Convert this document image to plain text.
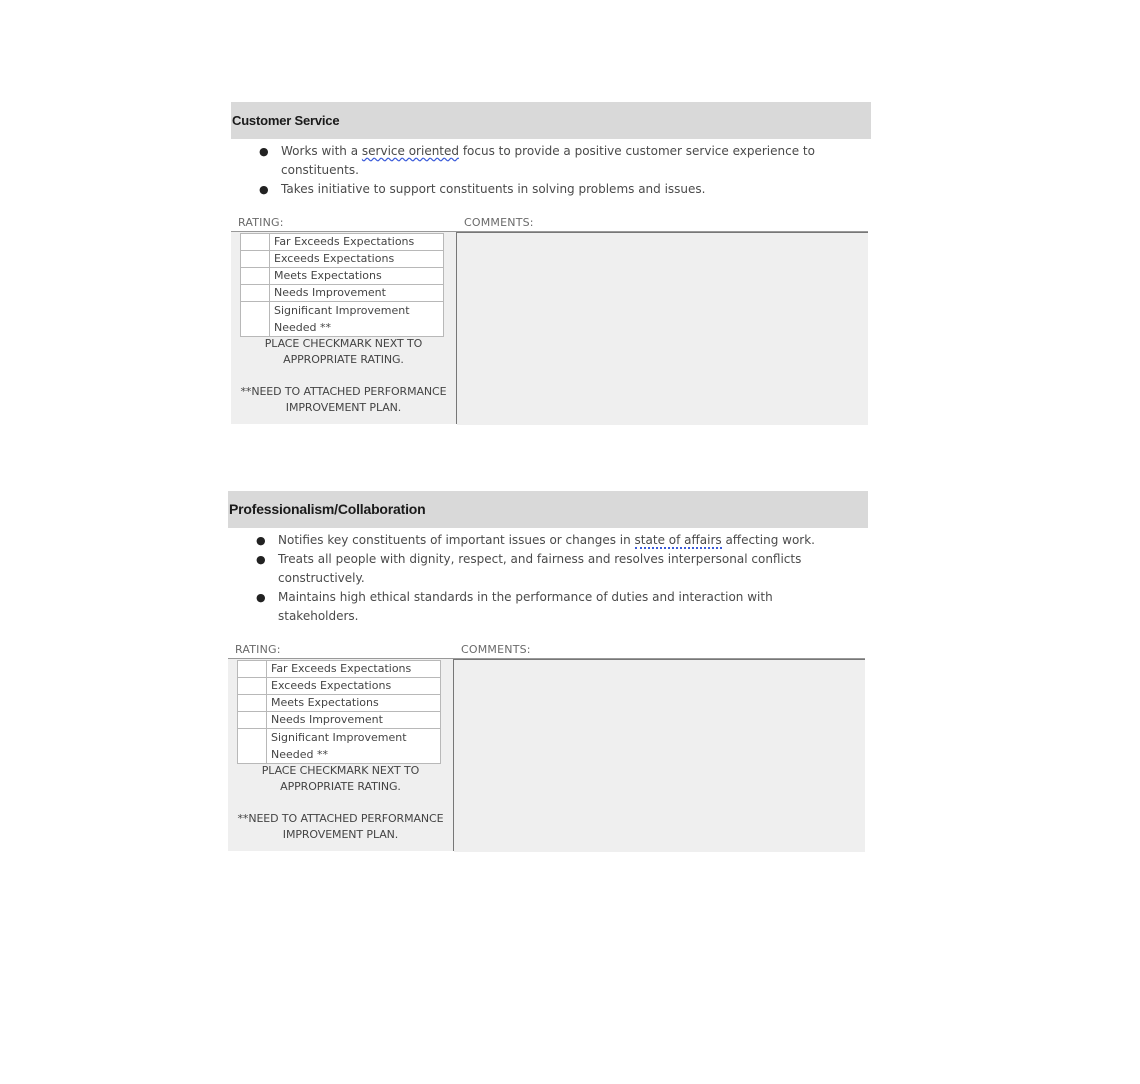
Customer Service
● Works with a service oriented focus to provide a positive customer service experience to constituents.
● Takes initiative to support constituents in solving problems and issues.
RATING:	COMMENTS:
	Far Exceeds Expectations
	Exceeds Expectations
	Meets Expectations
	Needs Improvement
	Significant Improvement Needed **
PLACE CHECKMARK NEXT TO APPROPRIATE RATING.
**NEED TO ATTACHED PERFORMANCE IMPROVEMENT PLAN.
Professionalism/Collaboration
● Notifies key constituents of important issues or changes in state of affairs affecting work.
● Treats all people with dignity, respect, and fairness and resolves interpersonal conflicts constructively.
● Maintains high ethical standards in the performance of duties and interaction with stakeholders.
RATING:	COMMENTS:
	Far Exceeds Expectations
	Exceeds Expectations
	Meets Expectations
	Needs Improvement
	Significant Improvement Needed **
PLACE CHECKMARK NEXT TO APPROPRIATE RATING.
**NEED TO ATTACHED PERFORMANCE IMPROVEMENT PLAN.
